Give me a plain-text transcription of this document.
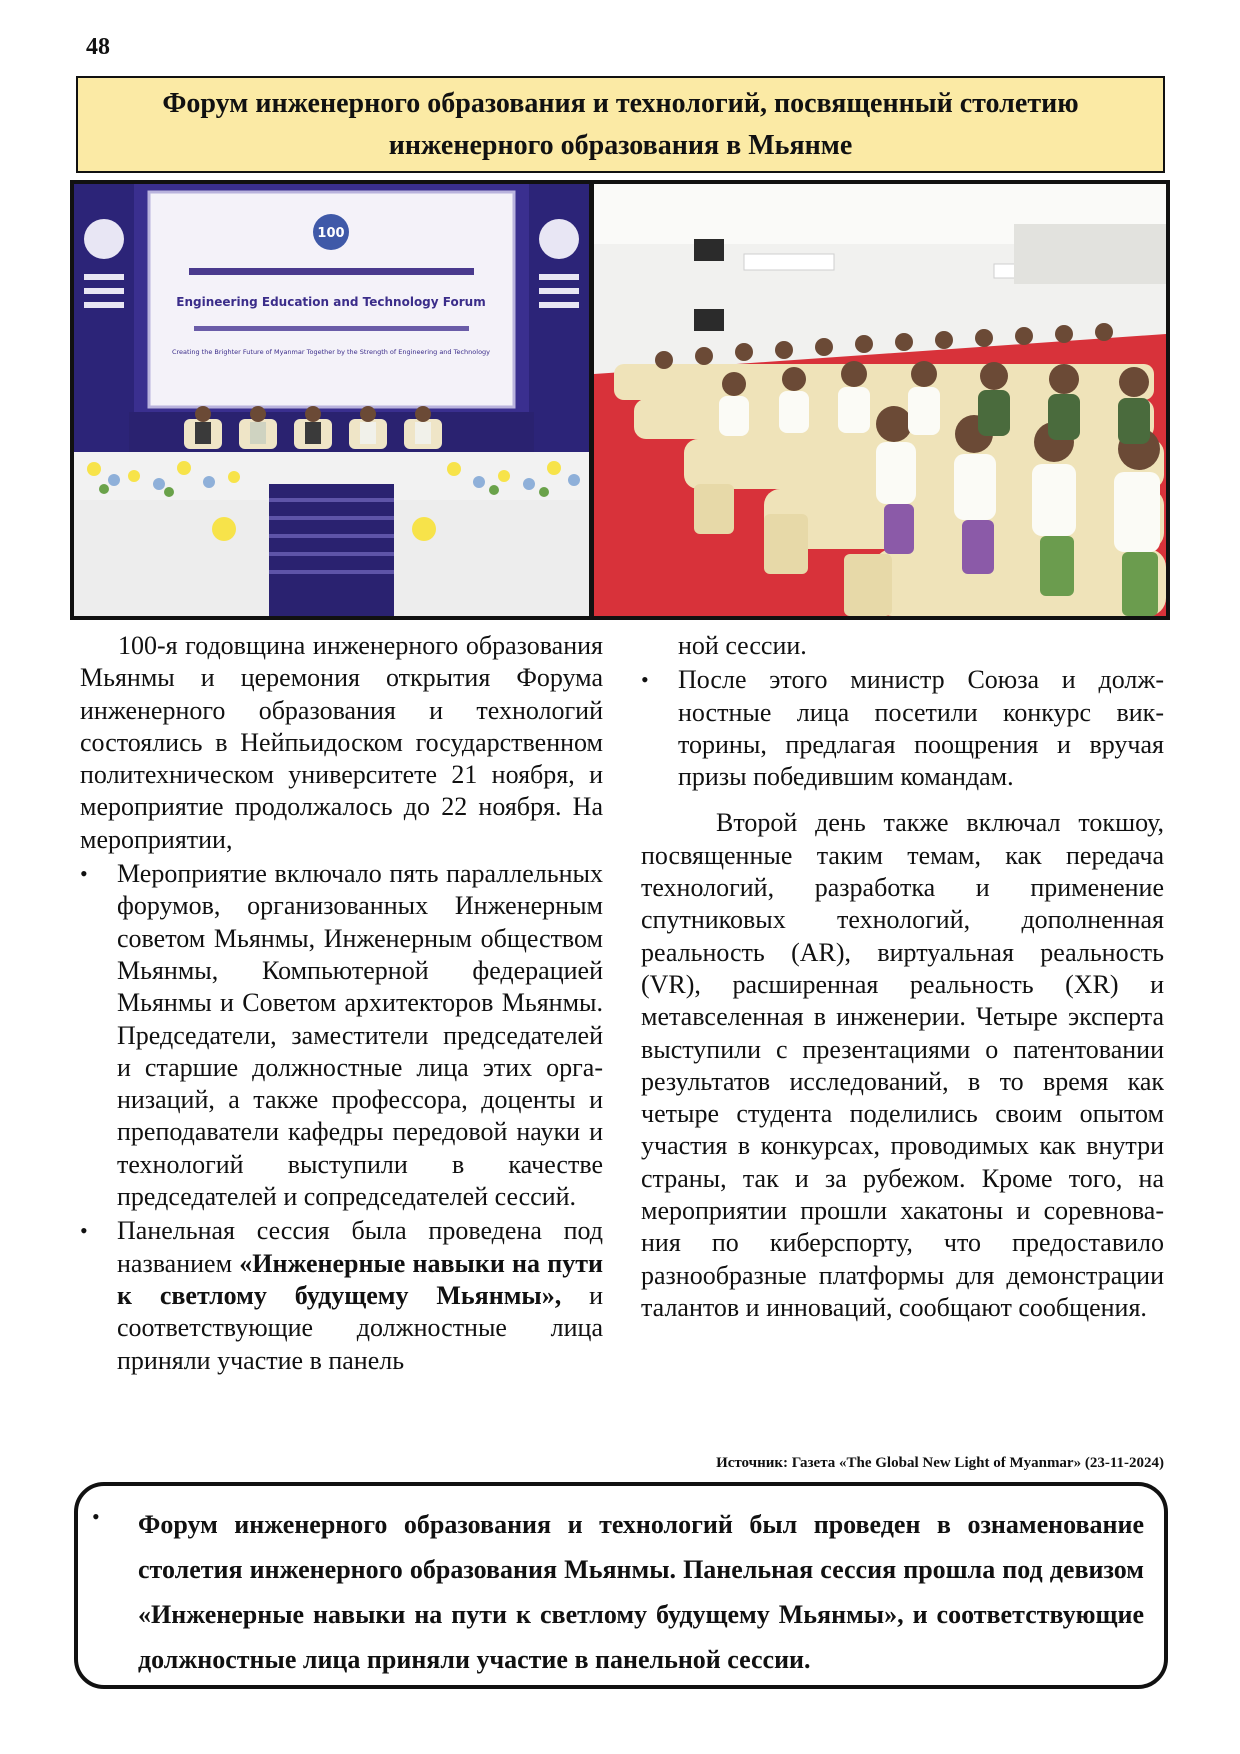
48
Форум инженерного образования и технологий, посвященный столетию инженерного образования в Мьянме
100
Engineering Education and Technology Forum
Creating the Brighter Future of Myanmar Together by the Strength of Engineering and Technology

100-я годовщина инженерного образования Мьянмы и церемония открытия Форума инженерного образования и технологий состоялись в Нейпьидоском государственном политехническом университете 21 ноября, и мероприятие продолжалось до 22 ноября. На мероприятии,

•	Мероприятие включало пять параллельных форумов, организованных Инженерным советом Мьянмы, Инженерным обществом Мьянмы, Компьютерной федерацией Мьянмы и Советом архитекторов Мьянмы. Председатели, заместители председателей и старшие должностные лица этих организаций, а также профессора, доценты и преподаватели кафедры передовой науки и технологий выступили в качестве председателей и сопредседателей сессий.

•	Панельная сессия была проведена под названием «Инженерные навыки на пути к светлому будущему Мьянмы», и соответствующие должностные лица приняли участие в панель

ной сессии.

•	После этого министр Союза и должностные лица посетили конкурс викторины, предлагая поощрения и вручая призы победившим командам.

Второй день также включал токшоу, посвященные таким темам, как передача технологий, разработка и применение спутниковых технологий, дополненная реальность (AR), виртуальная реальность (VR), расширенная реальность (XR) и метавселенная в инженерии. Четыре эксперта выступили с презентациями о патентовании результатов исследований, в то время как четыре студента поделились своим опытом участия в конкурсах, проводимых как внутри страны, так и за рубежом. Кроме того, на мероприятии прошли хакатоны и соревнования по киберспорту, что предоставило разнообразные платформы для демонстрации талантов и инноваций, сообщают сообщения.

Источник: Газета «The Global New Light of Myanmar» (23-11-2024)
•	Форум инженерного образования и технологий был проведен в ознаменование столетия инженерного образования Мьянмы. Панельная сессия прошла под девизом «Инженерные навыки на пути к светлому будущему Мьянмы», и соответствующие должностные лица приняли участие в панельной сессии.
